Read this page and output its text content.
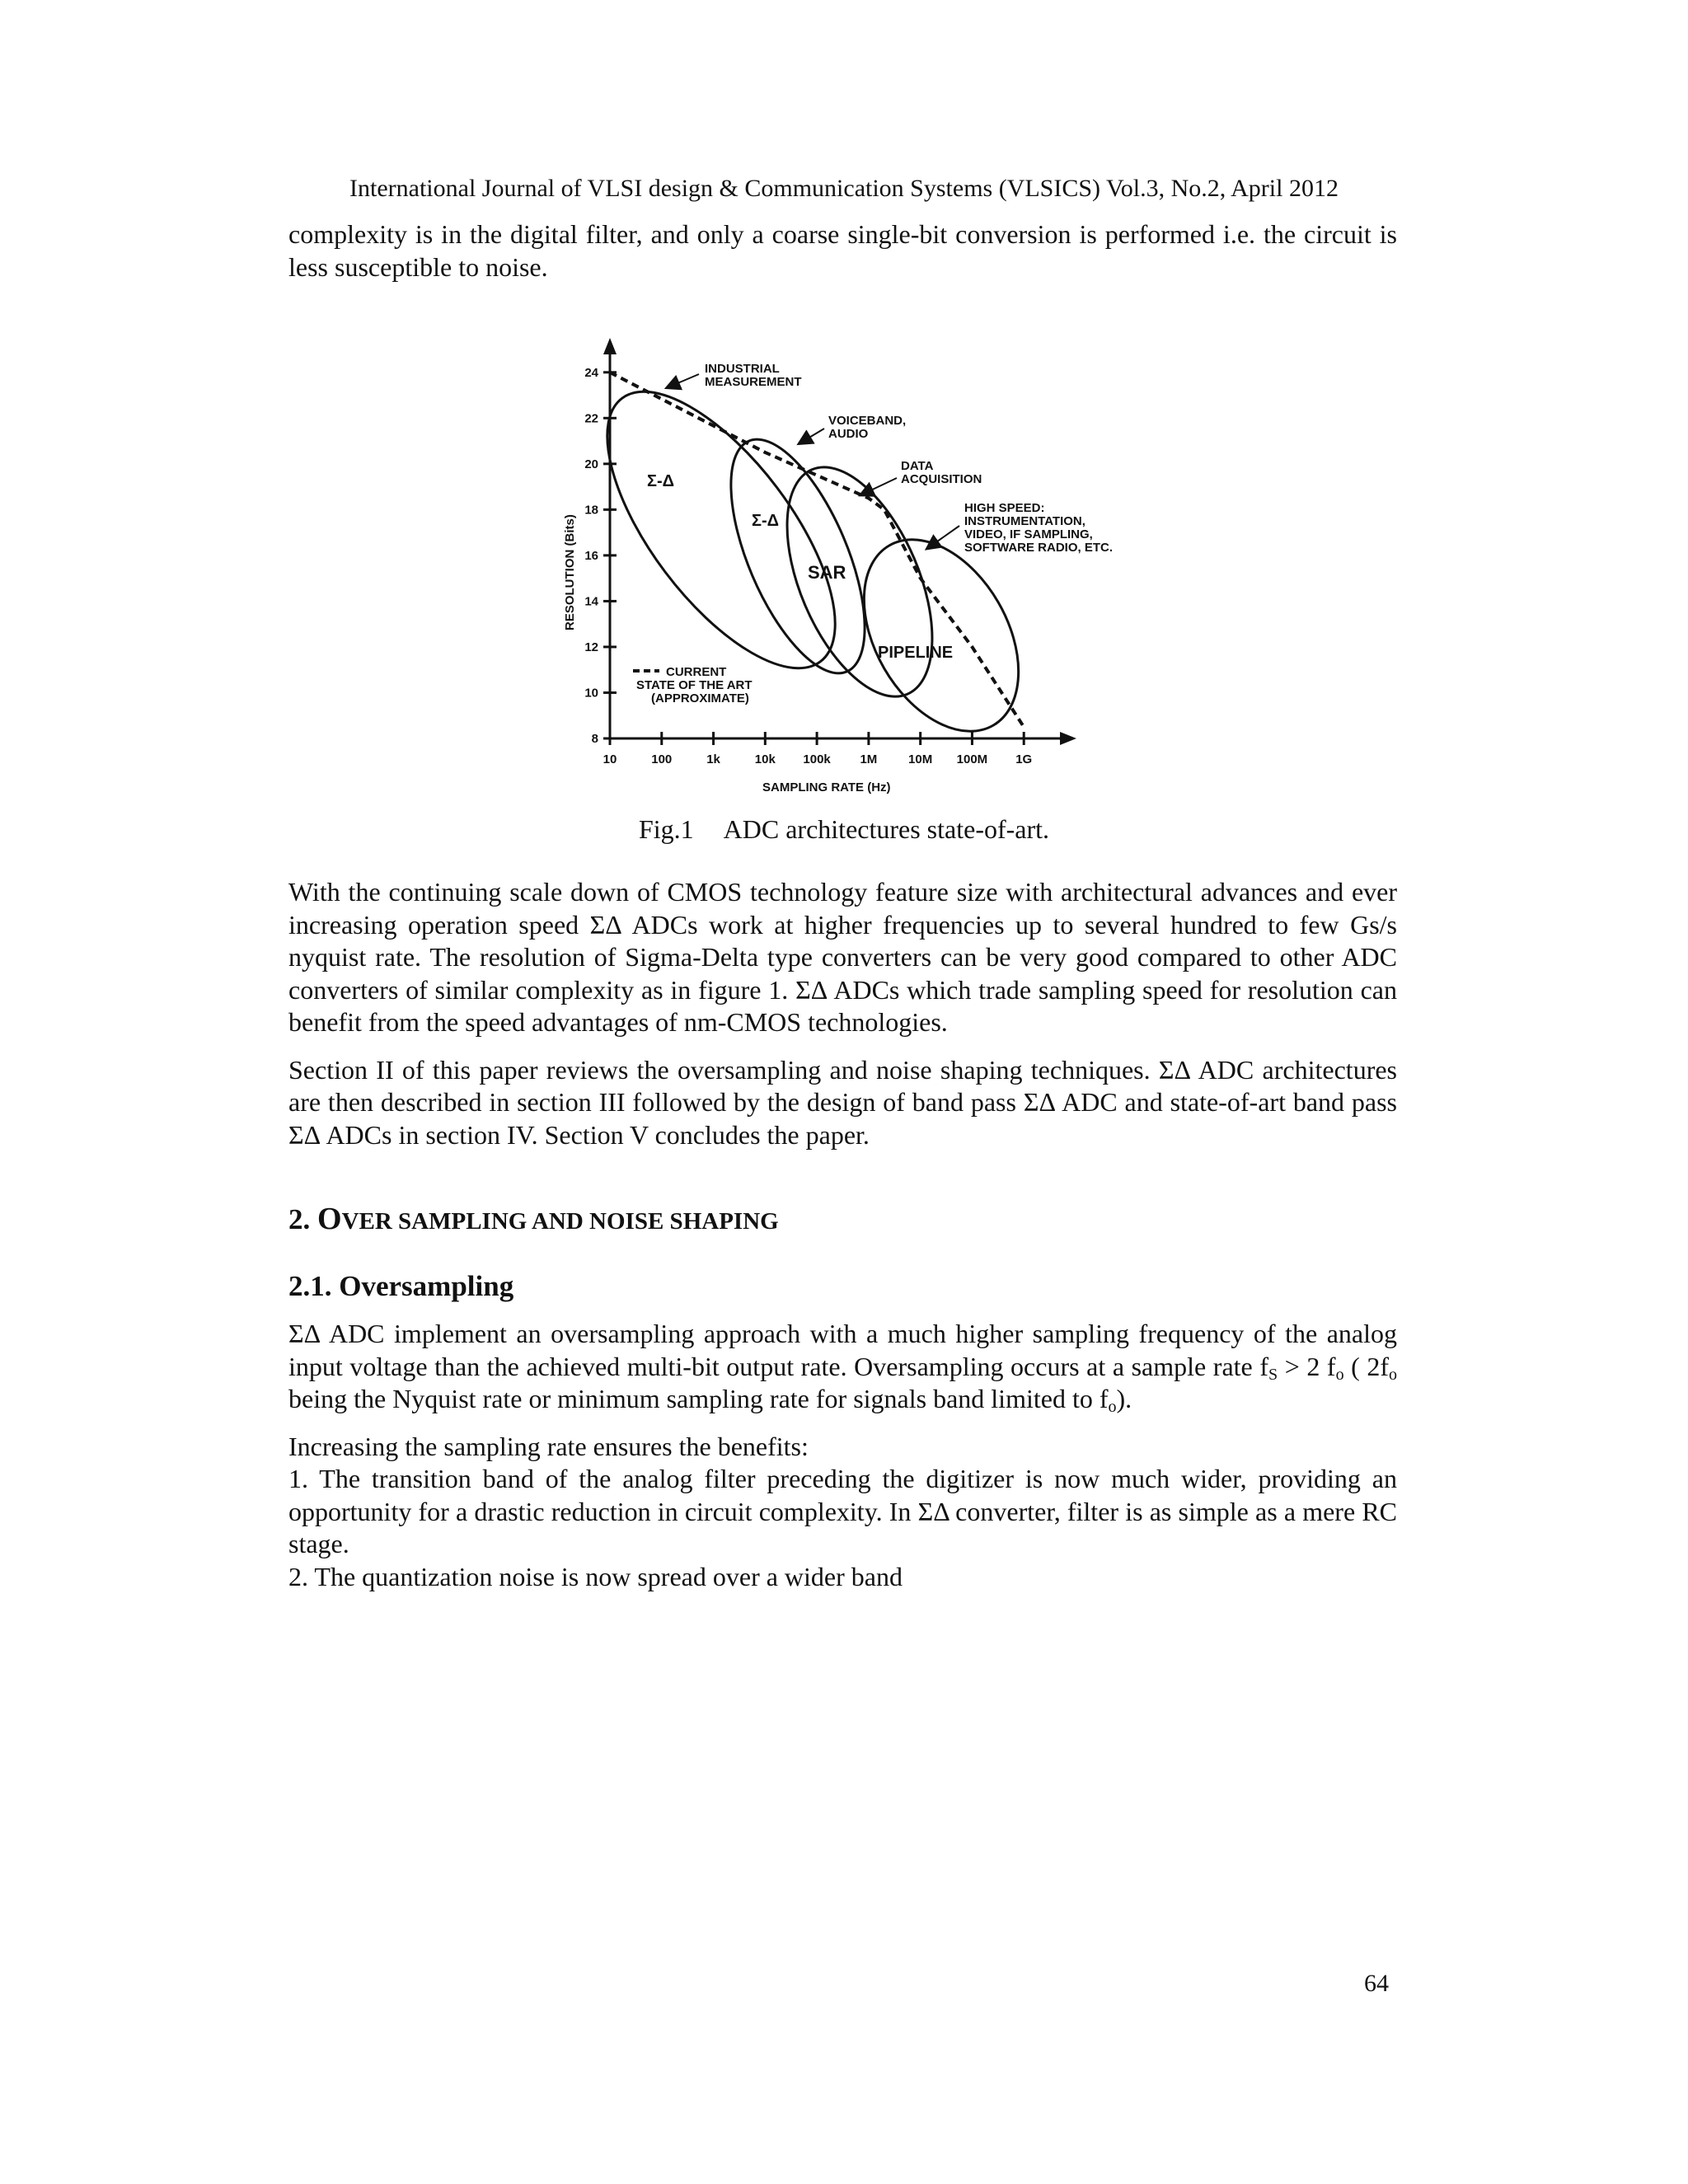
International Journal of VLSI design & Communication Systems (VLSICS) Vol.3, No.2, April 2012

complexity is in the digital filter, and only a coarse single-bit conversion is performed i.e. the circuit is less susceptible to noise.

10	100	1k	10k 100k 1M	10M 100M 1G
8
10
12
14
16
18
20
22
24
Σ-Δ
Σ-Δ
SAR
PIPELINE
INDUSTRIAL
MEASUREMENT
VOICEBAND,
AUDIO
DATA
ACQUISITION
HIGH SPEED:
INSTRUMENTATION,
VIDEO, IF SAMPLING,
SOFTWARE RADIO, ETC.
CURRENT
STATE OF THE ART
(APPROXIMATE)
SAMPLING RATE (Hz)
RESOLUTION (Bits)
Fig.1 ADC architectures state-of-art.

With the continuing scale down of CMOS technology feature size with architectural advances and ever increasing operation speed ΣΔ ADCs work at higher frequencies up to several hundred to few Gs/s nyquist rate. The resolution of Sigma-Delta type converters can be very good compared to other ADC converters of similar complexity as in figure 1. ΣΔ ADCs which trade sampling speed for resolution can benefit from the speed advantages of nm-CMOS technologies.

Section II of this paper reviews the oversampling and noise shaping techniques. ΣΔ ADC architectures are then described in section III followed by the design of band pass ΣΔ ADC and state-of-art band pass ΣΔ ADCs in section IV. Section V concludes the paper.

2. OVER SAMPLING AND NOISE SHAPING
2.1. Oversampling

ΣΔ ADC implement an oversampling approach with a much higher sampling frequency of the analog input voltage than the achieved multi-bit output rate. Oversampling occurs at a sample rate $f_S > 2$ $f_o$ ( $2f_o$ being the Nyquist rate or minimum sampling rate for signals band limited to $f_o$).

Increasing the sampling rate ensures the benefits:

1. The transition band of the analog filter preceding the digitizer is now much wider, providing an opportunity for a drastic reduction in circuit complexity. In ΣΔ converter, filter is as simple as a mere RC stage.

2. The quantization noise is now spread over a wider band

64
